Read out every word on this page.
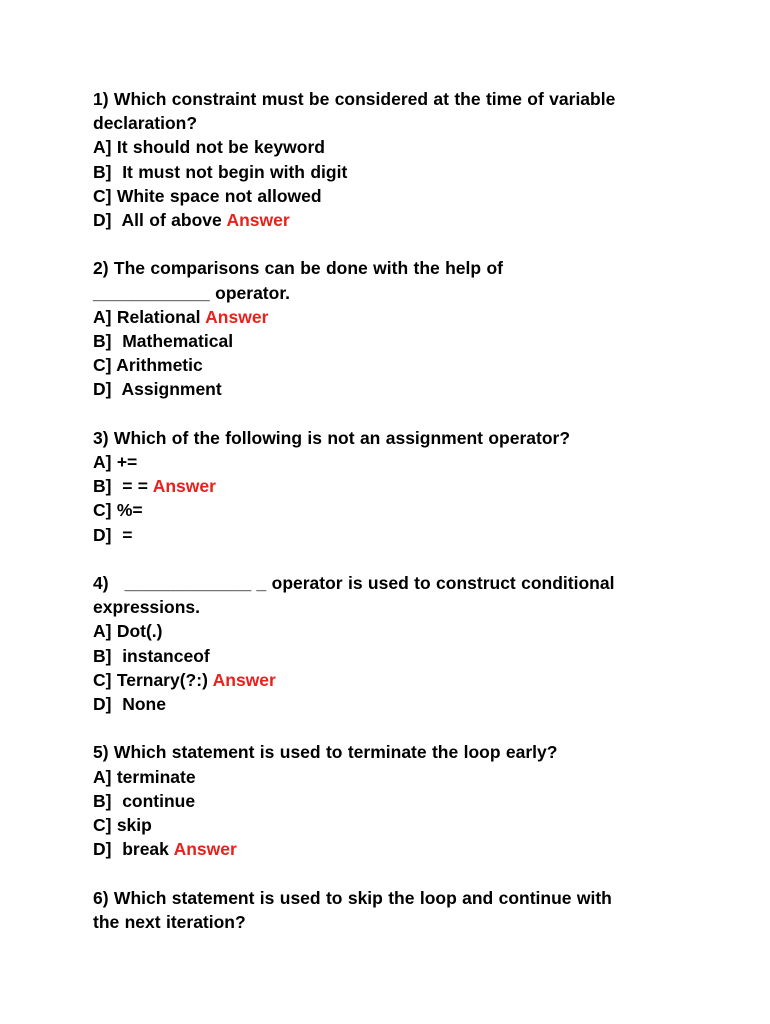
1) Which constraint must be considered at the time of variable
declaration?
A] It should not be keyword
B]  It must not begin with digit
C] White space not allowed
D]  All of above Answer
2) The comparisons can be done with the help of
____________ operator.
A] Relational Answer
B]  Mathematical
C] Arithmetic
D]  Assignment
3) Which of the following is not an assignment operator?
A] +=
B]  = = Answer
C] %=
D]  =
4)   _____________ _ operator is used to construct conditional
expressions.
A] Dot(.)
B]  instanceof
C] Ternary(?:) Answer
D]  None
5) Which statement is used to terminate the loop early?
A] terminate
B]  continue
C] skip
D]  break Answer
6) Which statement is used to skip the loop and continue with
the next iteration?
